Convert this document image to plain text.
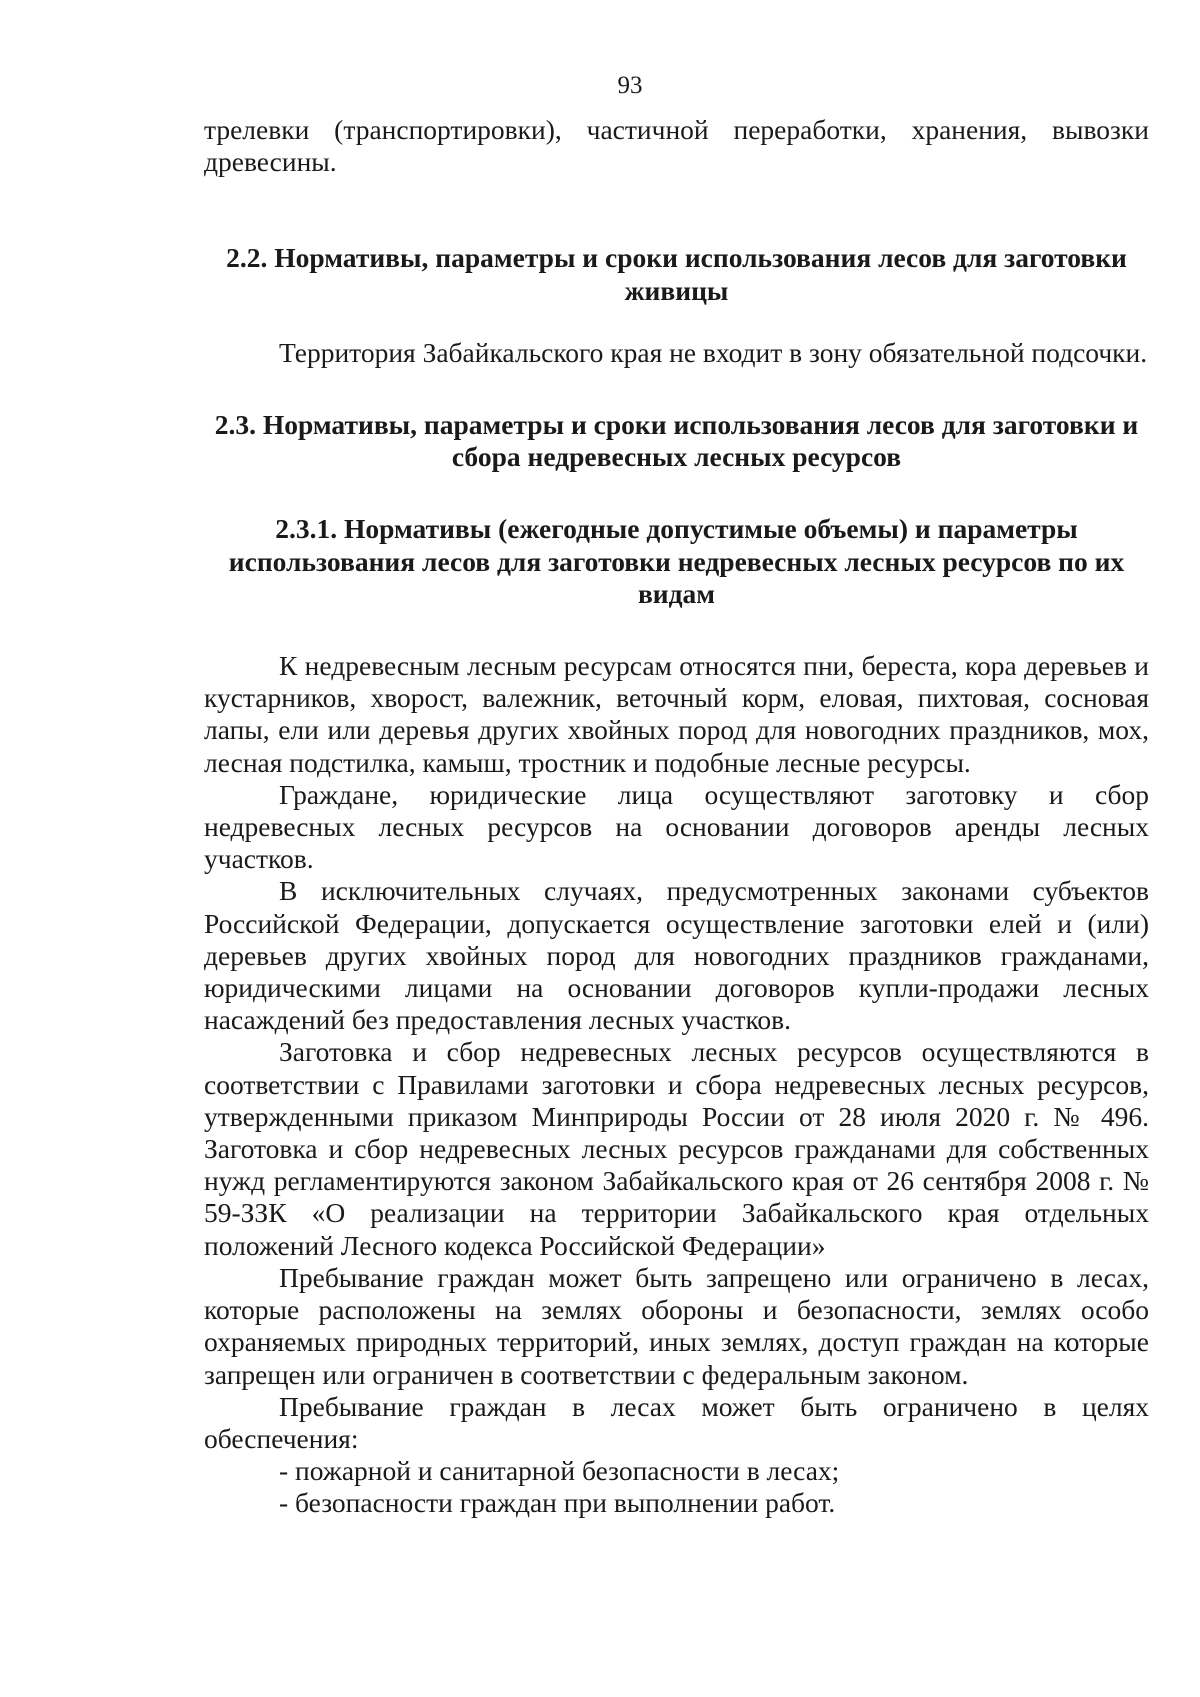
93

трелевки (транспортировки), частичной переработки, хранения, вывозки древесины.

2.2. Нормативы, параметры и сроки использования лесов для заготовки живицы

Территория Забайкальского края не входит в зону обязательной подсочки.

2.3. Нормативы, параметры и сроки использования лесов для заготовки и сбора недревесных лесных ресурсов
2.3.1. Нормативы (ежегодные допустимые объемы) и параметры использования лесов для заготовки недревесных лесных ресурсов по их видам

К недревесным лесным ресурсам относятся пни, береста, кора деревьев и кустарников, хворост, валежник, веточный корм, еловая, пихтовая, сосновая лапы, ели или деревья других хвойных пород для новогодних праздников, мох, лесная подстилка, камыш, тростник и подобные лесные ресурсы.

Граждане, юридические лица осуществляют заготовку и сбор недревесных лесных ресурсов на основании договоров аренды лесных участков.

В исключительных случаях, предусмотренных законами субъектов Российской Федерации, допускается осуществление заготовки елей и (или) деревьев других хвойных пород для новогодних праздников гражданами, юридическими лицами на основании договоров купли-продажи лесных насаждений без предоставления лесных участков.

Заготовка и сбор недревесных лесных ресурсов осуществляются в соответствии с Правилами заготовки и сбора недревесных лесных ресурсов, утвержденными приказом Минприроды России от 28 июля 2020 г. № 496. Заготовка и сбор недревесных лесных ресурсов гражданами для собственных нужд регламентируются законом Забайкальского края от 26 сентября 2008 г. № 59-ЗЗК «О реализации на территории Забайкальского края отдельных положений Лесного кодекса Российской Федерации»

Пребывание граждан может быть запрещено или ограничено в лесах, которые расположены на землях обороны и безопасности, землях особо охраняемых природных территорий, иных землях, доступ граждан на которые запрещен или ограничен в соответствии с федеральным законом.

Пребывание граждан в лесах может быть ограничено в целях обеспечения:

- пожарной и санитарной безопасности в лесах;

- безопасности граждан при выполнении работ.
